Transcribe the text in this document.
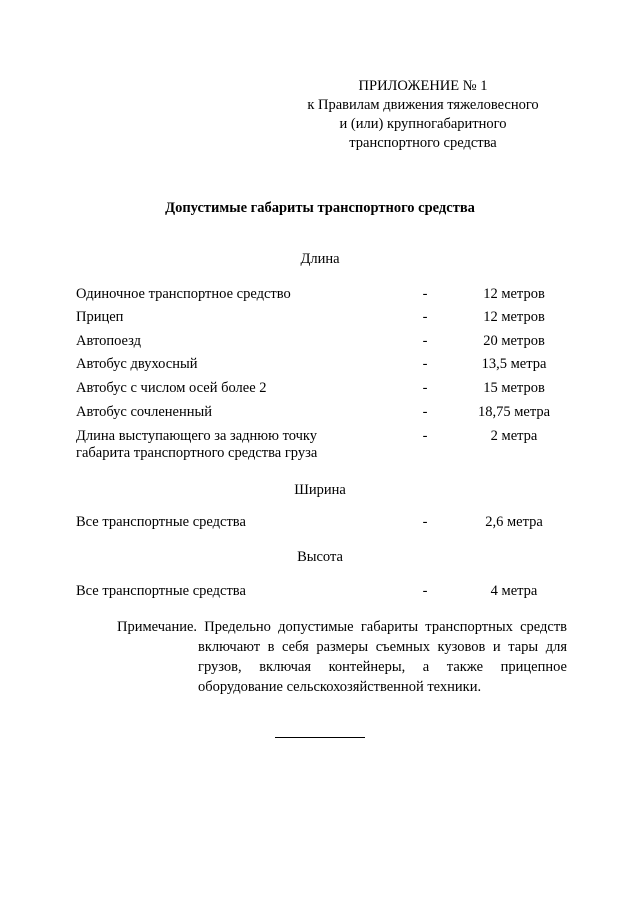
ПРИЛОЖЕНИЕ № 1
к Правилам движения тяжеловесного
и (или) крупногабаритного
транспортного средства
Допустимые габариты транспортного средства
Длина
Одиночное транспортное средство	-	12 метров
Прицеп	-	12 метров
Автопоезд	-	20 метров
Автобус двухосный	-	13,5 метра
Автобус с числом осей более 2	-	15 метров
Автобус сочлененный	-	18,75 метра
Длина выступающего за заднюю точку
габарита транспортного средства груза
-	2 метра
Ширина
Все транспортные средства	-	2,6 метра
Высота
Все транспортные средства	-	4 метра
Примечание. Предельно допустимые габариты транспортных средств
включают в себя размеры съемных кузовов и тары для грузов, включая контейнеры, а также прицепное оборудование сельскохозяйственной техники.
